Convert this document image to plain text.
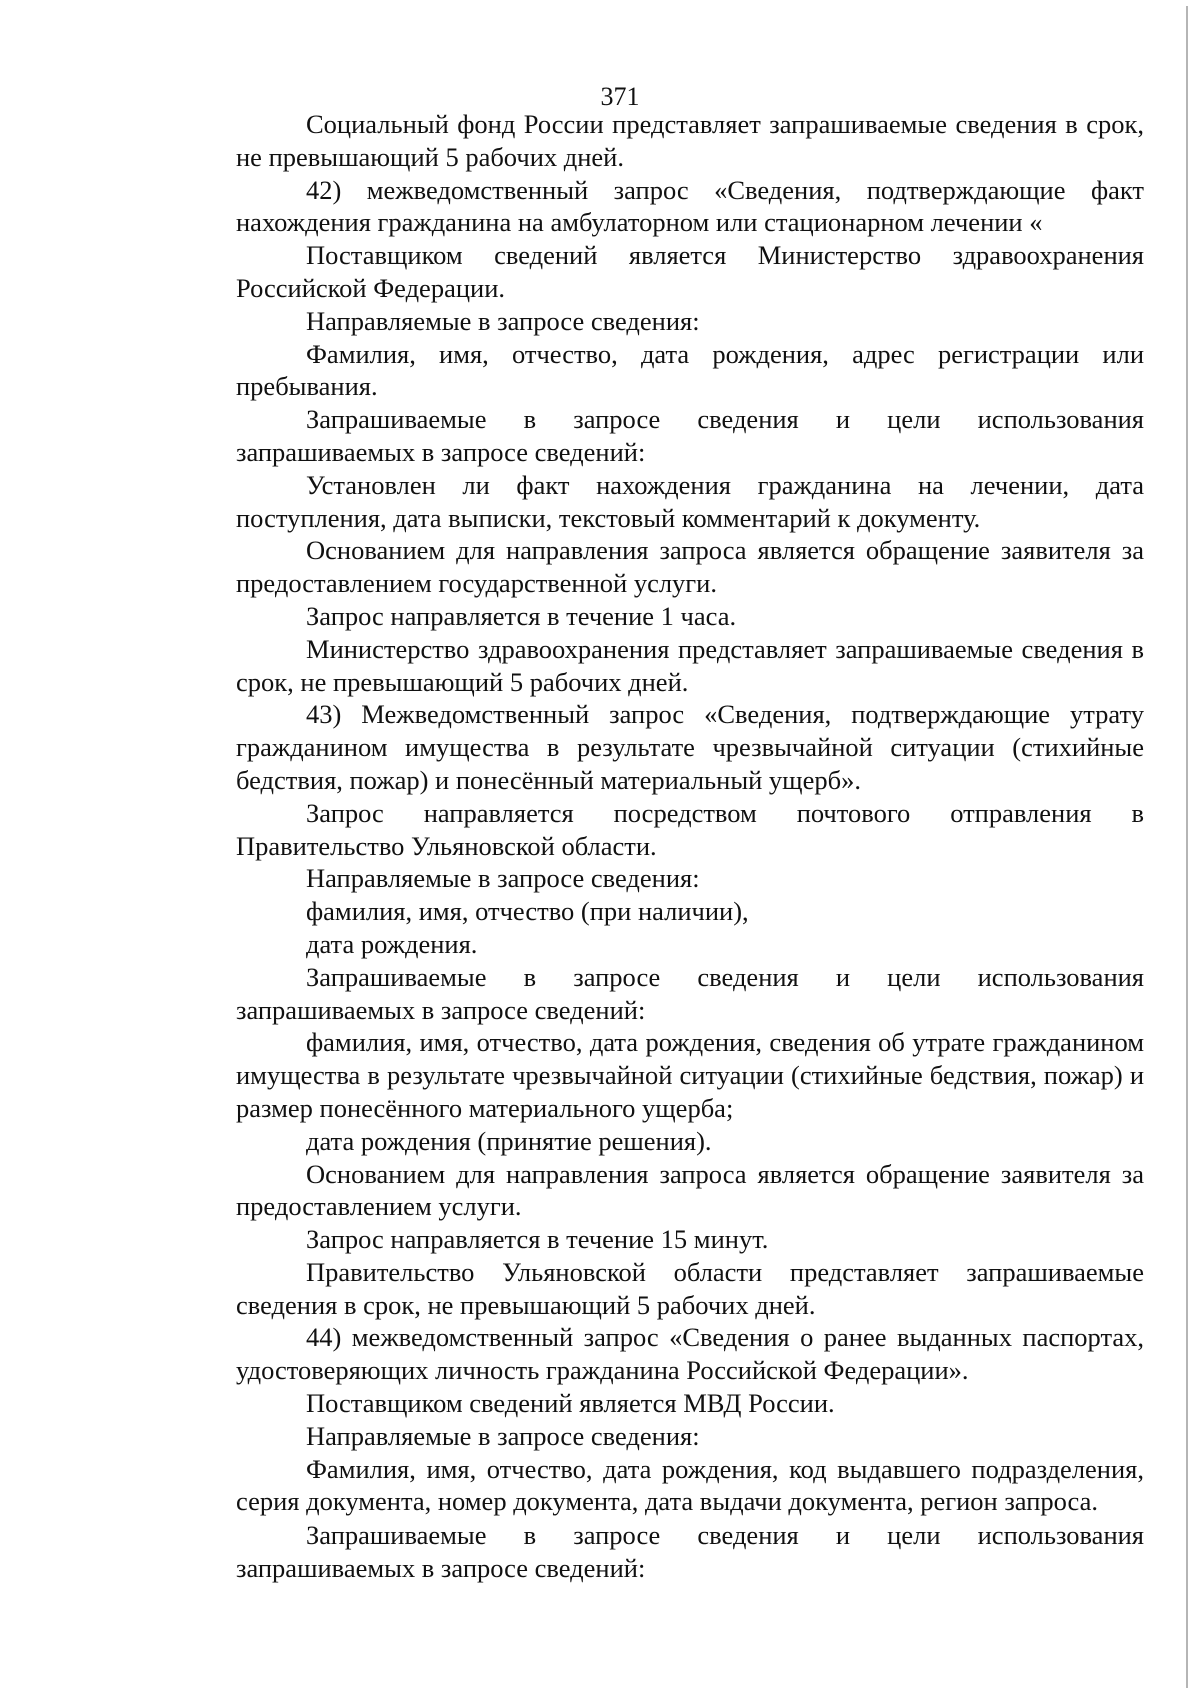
371

Социальный фонд России представляет запрашиваемые сведения в срок, не превышающий 5 рабочих дней.

42) межведомственный запрос «Сведения, подтверждающие факт нахождения гражданина на амбулаторном или стационарном лечении «

Поставщиком сведений является Министерство здравоохранения Российской Федерации.

Направляемые в запросе сведения:

Фамилия, имя, отчество, дата рождения, адрес регистрации или пребывания.

Запрашиваемые в запросе сведения и цели использования запрашиваемых в запросе сведений:

Установлен ли факт нахождения гражданина на лечении, дата поступления, дата выписки, текстовый комментарий к документу.

Основанием для направления запроса является обращение заявителя за предоставлением государственной услуги.

Запрос направляется в течение 1 часа.

Министерство здравоохранения представляет запрашиваемые сведения в срок, не превышающий 5 рабочих дней.

43) Межведомственный запрос «Сведения, подтверждающие утрату гражданином имущества в результате чрезвычайной ситуации (стихийные бедствия, пожар) и понесённый материальный ущерб».

Запрос направляется посредством почтового отправления в Правительство Ульяновской области.

Направляемые в запросе сведения:

фамилия, имя, отчество (при наличии),

дата рождения.

Запрашиваемые в запросе сведения и цели использования запрашиваемых в запросе сведений:

фамилия, имя, отчество, дата рождения, сведения об утрате гражданином имущества в результате чрезвычайной ситуации (стихийные бедствия, пожар) и размер понесённого материального ущерба;

дата рождения (принятие решения).

Основанием для направления запроса является обращение заявителя за предоставлением услуги.

Запрос направляется в течение 15 минут.

Правительство Ульяновской области представляет запрашиваемые сведения в срок, не превышающий 5 рабочих дней.

44) межведомственный запрос «Сведения о ранее выданных паспортах, удостоверяющих личность гражданина Российской Федерации».

Поставщиком сведений является МВД России.

Направляемые в запросе сведения:

Фамилия, имя, отчество, дата рождения, код выдавшего подразделения, серия документа, номер документа, дата выдачи документа, регион запроса.

Запрашиваемые в запросе сведения и цели использования запрашиваемых в запросе сведений:
